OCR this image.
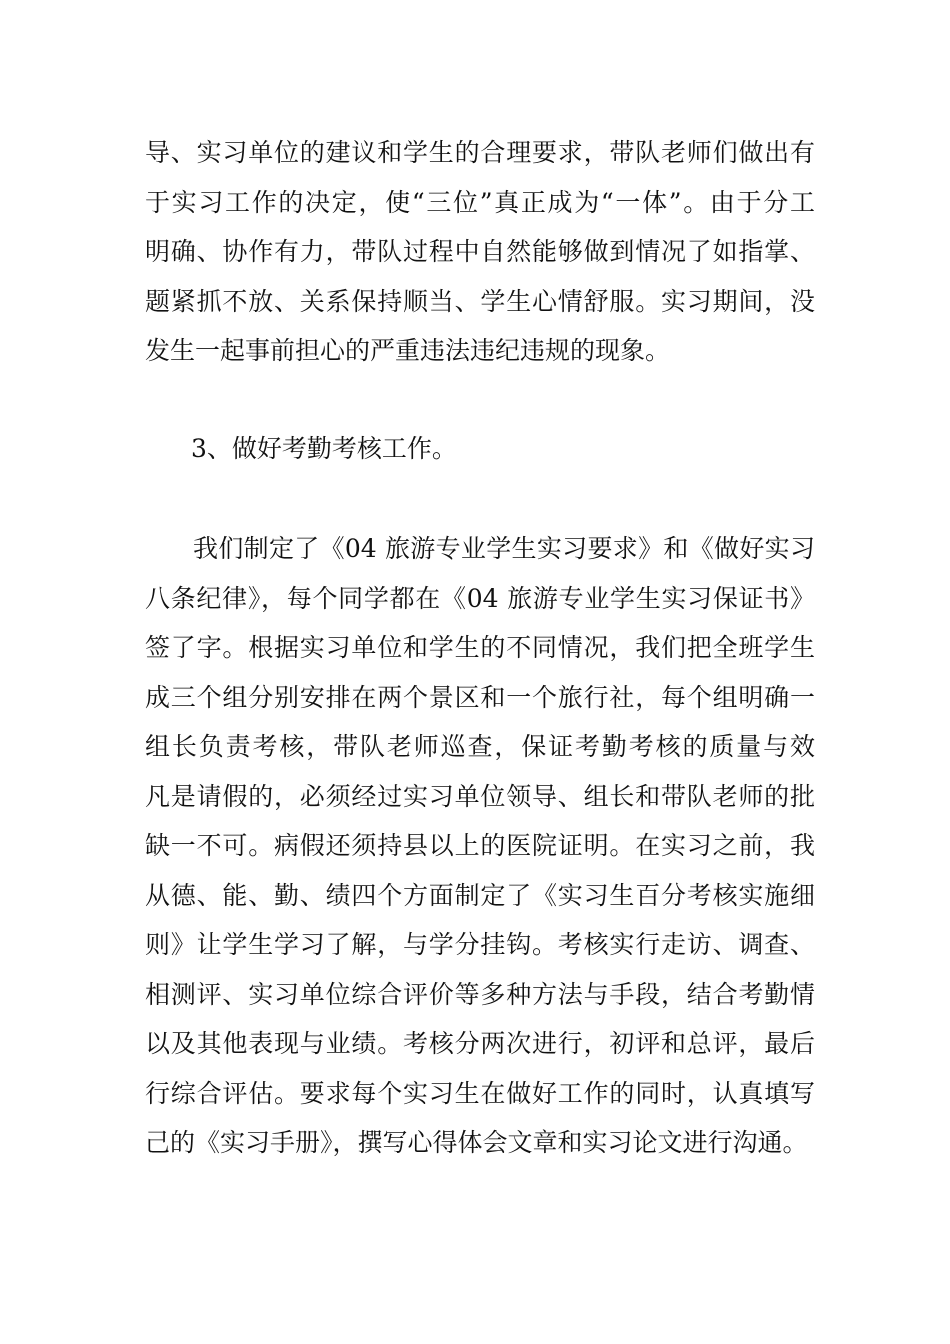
导、实习单位的建议和学生的合理要求，带队老师们做出有
于实习工作的决定，使“三位”真正成为“一体”。由于分工
明确、协作有力，带队过程中自然能够做到情况了如指掌、
题紧抓不放、关系保持顺当、学生心情舒服。实习期间，没
发生一起事前担心的严重违法违纪违规的现象。
3、做好考勤考核工作。
我们制定了《04 旅游专业学生实习要求》和《做好实习
八条纪律》，每个同学都在《04 旅游专业学生实习保证书》
签了字。根据实习单位和学生的不同情况，我们把全班学生
成三个组分别安排在两个景区和一个旅行社，每个组明确一
组长负责考核，带队老师巡查，保证考勤考核的质量与效
凡是请假的，必须经过实习单位领导、组长和带队老师的批
缺一不可。病假还须持县以上的医院证明。在实习之前，我
从德、能、勤、绩四个方面制定了《实习生百分考核实施细
则》让学生学习了解，与学分挂钩。考核实行走访、调查、
相测评、实习单位综合评价等多种方法与手段，结合考勤情
以及其他表现与业绩。考核分两次进行，初评和总评，最后
行综合评估。要求每个实习生在做好工作的同时，认真填写
己的《实习手册》，撰写心得体会文章和实习论文进行沟通。
